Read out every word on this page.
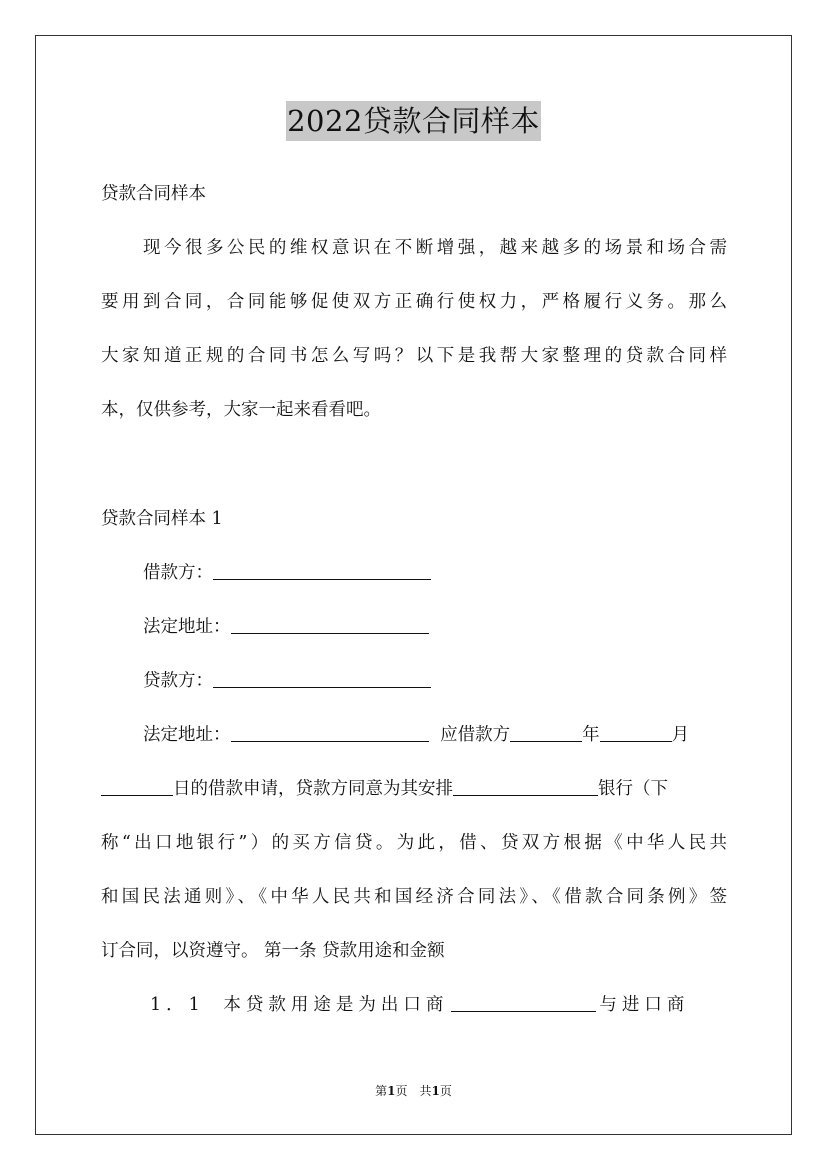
2022贷款合同样本
贷款合同样本
现今很多公民的维权意识在不断增强，越来越多的场景和场合需
要用到合同，合同能够促使双方正确行使权力，严格履行义务。那么
大家知道正规的合同书怎么写吗？以下是我帮大家整理的贷款合同样
本，仅供参考，大家一起来看看吧。
贷款合同样本 1
借款方：
法定地址：
贷款方：
法定地址：	应借款方	年	月
日的借款申请，贷款方同意为其安排	银行（下
称“出口地银行”）的买方信贷。为此，借、贷双方根据《中华人民共
和国民法通则》、《中华人民共和国经济合同法》、《借款合同条例》签
订合同，以资遵守。 第一条 贷款用途和金额
1．1 本贷款用途是为出口商	与进口商
第1页　共1页
